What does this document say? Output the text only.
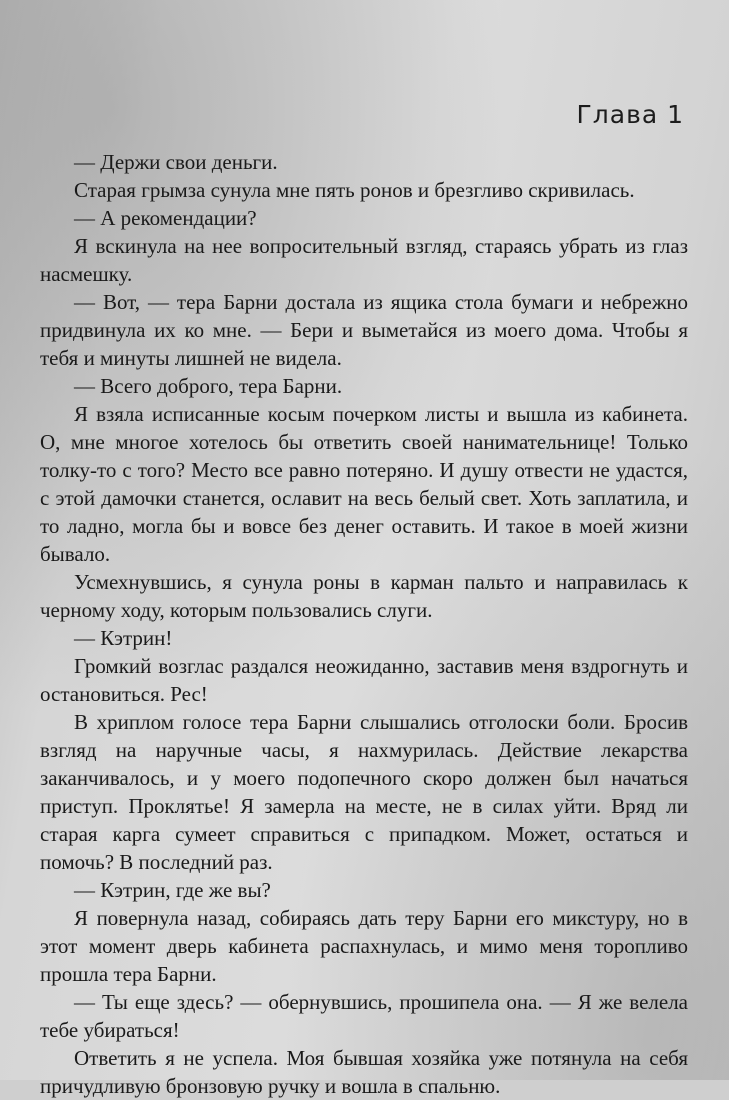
Глава 1

— Держи свои деньги.

Старая грымза сунула мне пять ронов и брезгливо скривилась.

— А рекомендации?

Я вскинула на нее вопросительный взгляд, стараясь убрать из глаз насмешку.

— Вот, — тера Барни достала из ящика стола бумаги и небрежно придвинула их ко мне. — Бери и выметайся из моего дома. Чтобы я тебя и минуты лишней не видела.

— Всего доброго, тера Барни.

Я взяла исписанные косым почерком листы и вышла из кабинета. О, мне многое хотелось бы ответить своей нанимательнице! Только толку-то с того? Место все равно потеряно. И душу отвести не удастся, с этой дамочки станется, ославит на весь белый свет. Хоть заплатила, и то ладно, могла бы и вовсе без денег оставить. И такое в моей жизни бывало.

Усмехнувшись, я сунула роны в карман пальто и направилась к черному ходу, которым пользовались слуги.

— Кэтрин!

Громкий возглас раздался неожиданно, заставив меня вздрогнуть и остановиться. Рес!

В хриплом голосе тера Барни слышались отголоски боли. Бросив взгляд на наручные часы, я нахмурилась. Действие лекарства заканчивалось, и у моего подопечного скоро должен был начаться приступ. Проклятье! Я замерла на месте, не в силах уйти. Вряд ли старая карга сумеет справиться с припадком. Может, остаться и помочь? В последний раз.

— Кэтрин, где же вы?

Я повернула назад, собираясь дать теру Барни его микстуру, но в этот момент дверь кабинета распахнулась, и мимо меня торопливо прошла тера Барни.

— Ты еще здесь? — обернувшись, прошипела она. — Я же велела тебе убираться!

Ответить я не успела. Моя бывшая хозяйка уже потянула на себя причудливую бронзовую ручку и вошла в спальню.
